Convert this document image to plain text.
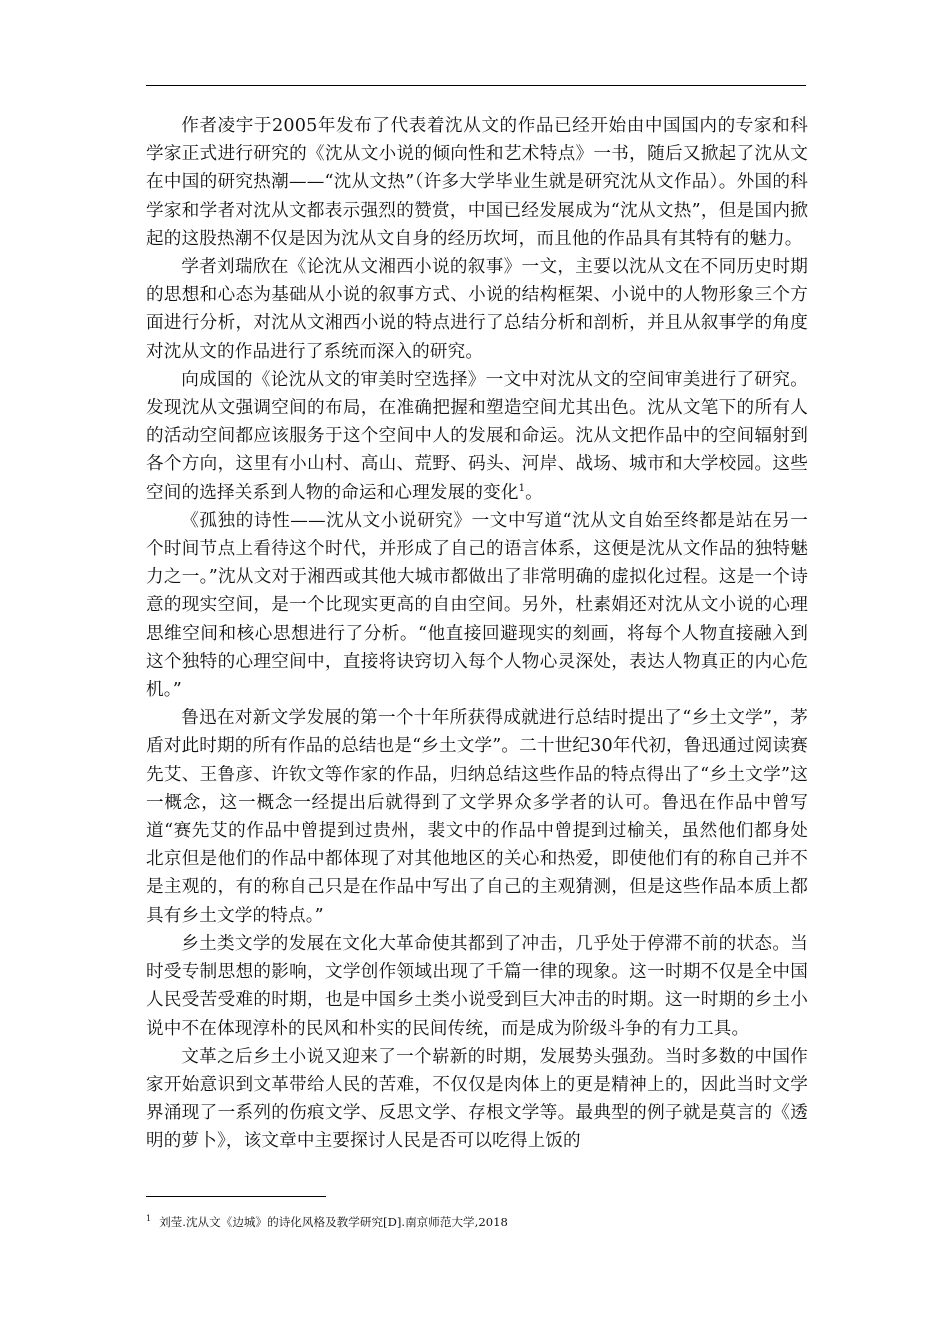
作者凌宇于2005年发布了代表着沈从文的作品已经开始由中国国内的专家和科学家正式进行研究的《沈从文小说的倾向性和艺术特点》一书，随后又掀起了沈从文在中国的研究热潮——“沈从文热”（许多大学毕业生就是研究沈从文作品）。外国的科学家和学者对沈从文都表示强烈的赞赏，中国已经发展成为“沈从文热”，但是国内掀起的这股热潮不仅是因为沈从文自身的经历坎坷，而且他的作品具有其特有的魅力。

学者刘瑞欣在《论沈从文湘西小说的叙事》一文，主要以沈从文在不同历史时期的思想和心态为基础从小说的叙事方式、小说的结构框架、小说中的人物形象三个方面进行分析，对沈从文湘西小说的特点进行了总结分析和剖析，并且从叙事学的角度对沈从文的作品进行了系统而深入的研究。

向成国的《论沈从文的审美时空选择》一文中对沈从文的空间审美进行了研究。发现沈从文强调空间的布局，在准确把握和塑造空间尤其出色。沈从文笔下的所有人的活动空间都应该服务于这个空间中人的发展和命运。沈从文把作品中的空间辐射到各个方向，这里有小山村、高山、荒野、码头、河岸、战场、城市和大学校园。这些空间的选择关系到人物的命运和心理发展的变化$^1$。

《孤独的诗性——沈从文小说研究》一文中写道“沈从文自始至终都是站在另一个时间节点上看待这个时代，并形成了自己的语言体系，这便是沈从文作品的独特魅力之一。”沈从文对于湘西或其他大城市都做出了非常明确的虚拟化过程。这是一个诗意的现实空间，是一个比现实更高的自由空间。另外，杜素娟还对沈从文小说的心理思维空间和核心思想进行了分析。“他直接回避现实的刻画，将每个人物直接融入到这个独特的心理空间中，直接将诀窍切入每个人物心灵深处，表达人物真正的内心危机。”

鲁迅在对新文学发展的第一个十年所获得成就进行总结时提出了“乡土文学”，茅盾对此时期的所有作品的总结也是“乡土文学”。二十世纪30年代初，鲁迅通过阅读赛先艾、王鲁彦、许钦文等作家的作品，归纳总结这些作品的特点得出了“乡土文学”这一概念，这一概念一经提出后就得到了文学界众多学者的认可。鲁迅在作品中曾写道“赛先艾的作品中曾提到过贵州，裴文中的作品中曾提到过榆关，虽然他们都身处北京但是他们的作品中都体现了对其他地区的关心和热爱，即使他们有的称自己并不是主观的，有的称自己只是在作品中写出了自己的主观猜测，但是这些作品本质上都具有乡土文学的特点。”

乡土类文学的发展在文化大革命使其都到了冲击，几乎处于停滞不前的状态。当时受专制思想的影响，文学创作领域出现了千篇一律的现象。这一时期不仅是全中国人民受苦受难的时期，也是中国乡土类小说受到巨大冲击的时期。这一时期的乡土小说中不在体现淳朴的民风和朴实的民间传统，而是成为阶级斗争的有力工具。

文革之后乡土小说又迎来了一个崭新的时期，发展势头强劲。当时多数的中国作家开始意识到文革带给人民的苦难，不仅仅是肉体上的更是精神上的，因此当时文学界涌现了一系列的伤痕文学、反思文学、存根文学等。最典型的例子就是莫言的《透明的萝卜》，该文章中主要探讨人民是否可以吃得上饭的

$^1$ 刘莹.沈从文《边城》的诗化风格及教学研究[D].南京师范大学,2018
